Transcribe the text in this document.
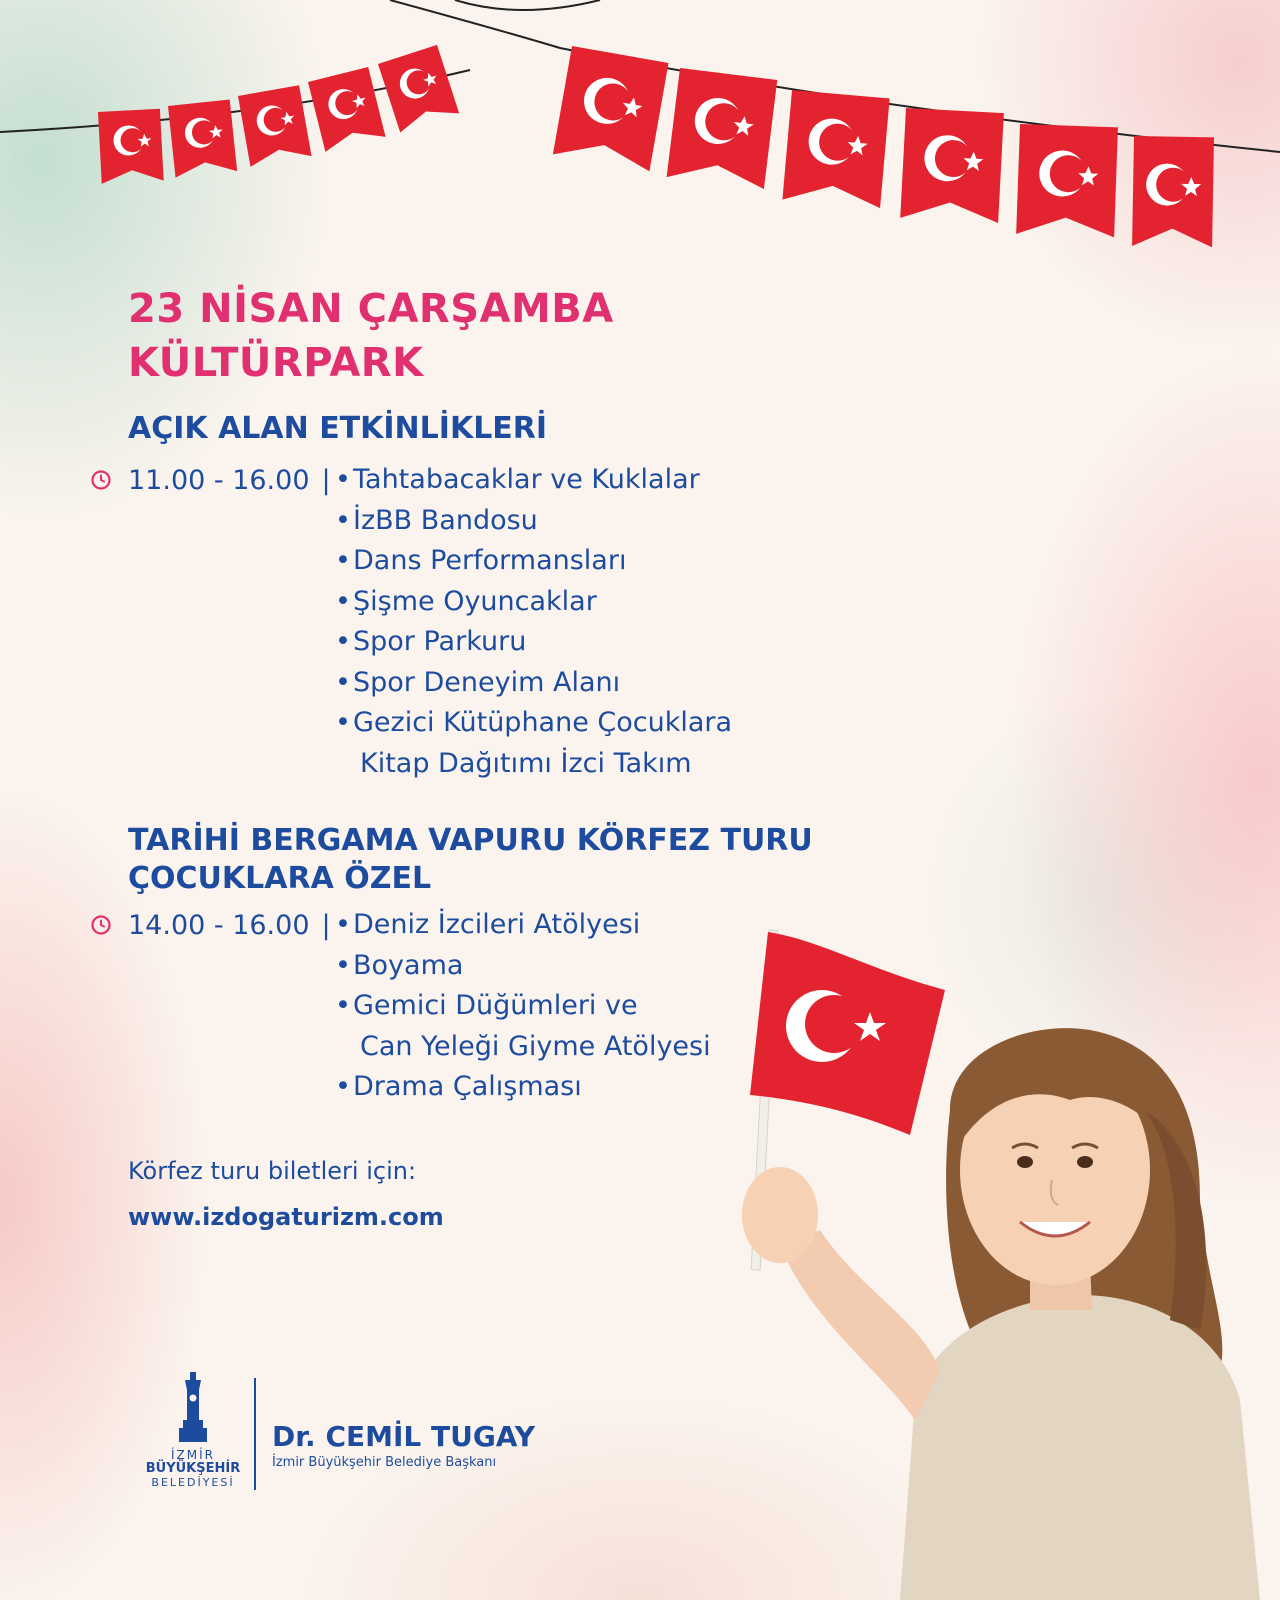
23 NİSAN ÇARŞAMBA
KÜLTÜRPARK
AÇIK ALAN ETKİNLİKLERİ
11.00 - 16.00 | •Tahtabacaklar ve Kuklalar
•İzBB Bandosu
•Dans Performansları
•Şişme Oyuncaklar
•Spor Parkuru
•Spor Deneyim Alanı
•Gezici Kütüphane Çocuklara
Kitap Dağıtımı İzci Takım
TARİHİ BERGAMA VAPURU KÖRFEZ TURU
ÇOCUKLARA ÖZEL
14.00 - 16.00 | •Deniz İzcileri Atölyesi
•Boyama
•Gemici Düğümleri ve
Can Yeleği Giyme Atölyesi
•Drama Çalışması
Körfez turu biletleri için:
www.izdogaturizm.com
İZMİR
BÜYÜKŞEHİR
BELEDİYESİ
Dr. CEMİL TUGAY
İzmir Büyükşehir Belediye Başkanı
